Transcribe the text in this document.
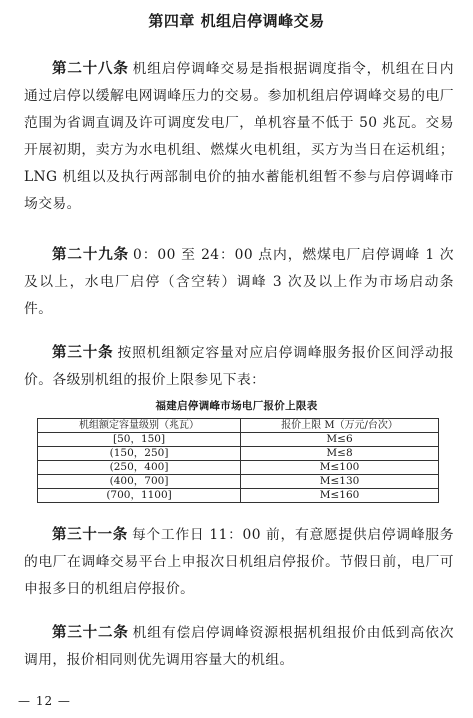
第四章 机组启停调峰交易

第二十八条 机组启停调峰交易是指根据调度指令，机组在日内通过启停以缓解电网调峰压力的交易。参加机组启停调峰交易的电厂范围为省调直调及许可调度发电厂，单机容量不低于 50 兆瓦。交易开展初期，卖方为水电机组、燃煤火电机组，买方为当日在运机组；LNG 机组以及执行两部制电价的抽水蓄能机组暂不参与启停调峰市场交易。

第二十九条 0：00 至 24：00 点内，燃煤电厂启停调峰 1 次及以上，水电厂启停（含空转）调峰 3 次及以上作为市场启动条件。

第三十条 按照机组额定容量对应启停调峰服务报价区间浮动报价。各级别机组的报价上限参见下表：

福建启停调峰市场电厂报价上限表
机组额定容量级别（兆瓦）	报价上限 M（万元/台次）
[50，150]	M≤6
(150，250]	M≤8
(250，400]	M≤100
(400，700]	M≤130
(700，1100]	M≤160

第三十一条 每个工作日 11：00 前，有意愿提供启停调峰服务的电厂在调峰交易平台上申报次日机组启停报价。节假日前，电厂可申报多日的机组启停报价。

第三十二条 机组有偿启停调峰资源根据机组报价由低到高依次调用，报价相同则优先调用容量大的机组。

— 12 —
